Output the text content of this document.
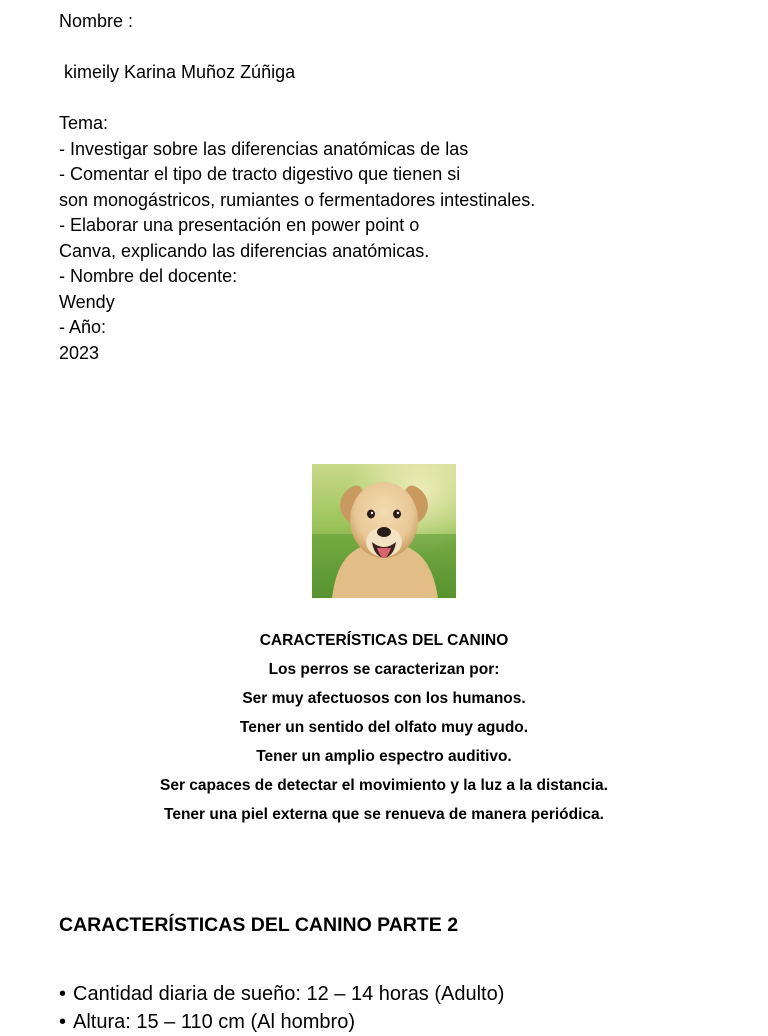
Nombre :
kimeily Karina Muñoz Zúñiga
Tema:
- Investigar sobre las diferencias anatómicas de las
- Comentar el tipo de tracto digestivo que tienen si
son monogástricos, rumiantes o fermentadores intestinales.
- Elaborar una presentación en power point o
Canva, explicando las diferencias anatómicas.
- Nombre del docente:
Wendy
- Año:
2023
CARACTERÍSTICAS DEL CANINO
Los perros se caracterizan por:
Ser muy afectuosos con los humanos.
Tener un sentido del olfato muy agudo.
Tener un amplio espectro auditivo.
Ser capaces de detectar el movimiento y la luz a la distancia.
Tener una piel externa que se renueva de manera periódica.
CARACTERÍSTICAS DEL CANINO PARTE 2
• Cantidad diaria de sueño: 12 – 14 horas (Adulto)
• Altura: 15 – 110 cm (Al hombro)
